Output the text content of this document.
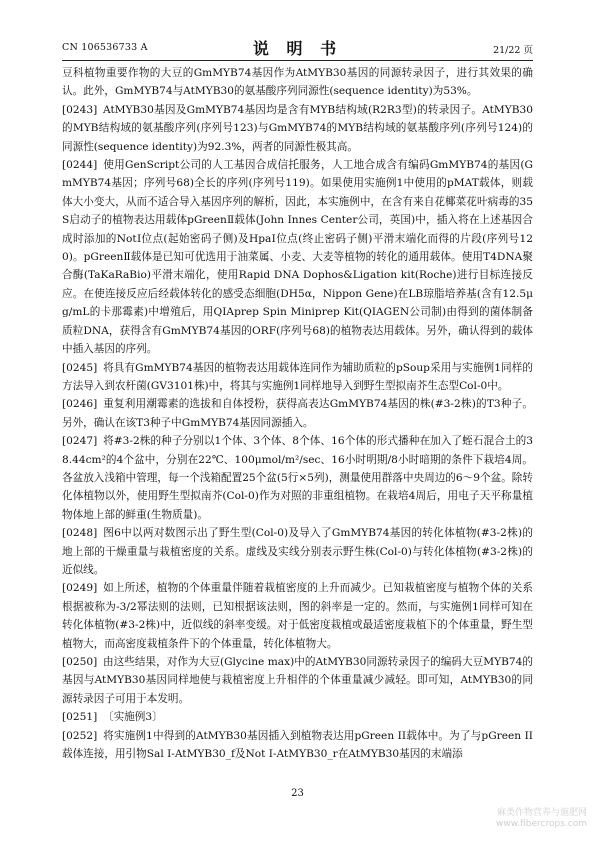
CN 106536733 A	说 明 书	21/22 页

豆科植物重要作物的大豆的GmMYB74基因作为AtMYB30基因的同源转录因子，进行其效果的确认。此外，GmMYB74与AtMYB30的氨基酸序列同源性(sequence identity)为53%。

[0243] AtMYB30基因及GmMYB74基因均是含有MYB结构域(R2R3型)的转录因子。AtMYB30的MYB结构域的氨基酸序列(序列号123)与GmMYB74的MYB结构域的氨基酸序列(序列号124)的同源性(sequence identity)为92.3%，两者的同源性极其高。

[0244] 使用GenScript公司的人工基因合成信托服务，人工地合成含有编码GmMYB74的基因(GmMYB74基因；序列号68)全长的序列(序列号119)。如果使用实施例1中使用的pMAT载体，则载体大小变大，从而不适合导入基因序列的解析，因此，本实施例中，在含有来自花椰菜花叶病毒的35S启动子的植物表达用载体pGreenⅡ载体(John Innes Center公司，英国)中，插入将在上述基因合成时添加的NotⅠ位点(起始密码子侧)及HpaⅠ位点(终止密码子侧)平滑末端化而得的片段(序列号120)。pGreenⅡ载体是已知可优选用于油菜属、小麦、大麦等植物的转化的通用载体。使用T4DNA聚合酶(TaKaRaBio)平滑末端化，使用Rapid DNA Dophos&Ligation kit(Roche)进行目标连接反应。在使连接反应后经载体转化的感受态细胞(DH5α，Nippon Gene)在LB琼脂培养基(含有12.5μg/mL的卡那霉素)中增殖后，用QIAprep Spin Miniprep Kit(QIAGEN公司制)由得到的菌体制备质粒DNA，获得含有GmMYB74基因的ORF(序列号68)的植物表达用载体。另外，确认得到的载体中插入基因的序列。

[0245] 将具有GmMYB74基因的植物表达用载体连同作为辅助质粒的pSoup采用与实施例1同样的方法导入到农杆菌(GV3101株)中，将其与实施例1同样地导入到野生型拟南芥生态型Col-0中。

[0246] 重复利用潮霉素的选拔和自体授粉，获得高表达GmMYB74基因的株(#3-2株)的T3种子。另外，确认在该T3种子中GmMYB74基因同源插入。

[0247] 将#3-2株的种子分别以1个体、3个体、8个体、16个体的形式播种在加入了蛭石混合土的38.44cm²的4个盆中，分别在22℃、100μmol/m²/sec、16小时明期/8小时暗期的条件下栽培4周。各盆放入浅箱中管理，每一个浅箱配置25个盆(5行×5列)，测量使用群落中央周边的6～9个盆。除转化体植物以外，使用野生型拟南芥(Col-0)作为对照的非重组植物。在栽培4周后，用电子天平称量植物体地上部的鲜重(生物质量)。

[0248] 图6中以两对数图示出了野生型(Col-0)及导入了GmMYB74基因的转化体植物(#3-2株)的地上部的干燥重量与栽植密度的关系。虚线及实线分别表示野生株(Col-0)与转化体植物(#3-2株)的近似线。

[0249] 如上所述，植物的个体重量伴随着栽植密度的上升而减少。已知栽植密度与植物个体的关系根据被称为-3/2幂法则的法则，已知根据该法则，图的斜率是一定的。然而，与实施例1同样可知在转化体植物(#3-2株)中，近似线的斜率变缓。对于低密度栽植或最适密度栽植下的个体重量，野生型植物大，而高密度栽植条件下的个体重量，转化体植物大。

[0250] 由这些结果，对作为大豆(Glycine max)中的AtMYB30同源转录因子的编码大豆MYB74的基因与AtMYB30基因同样地使与栽植密度上升相伴的个体重量减少减轻。即可知，AtMYB30的同源转录因子可用于本发明。

[0251] 〔实施例3〕

[0252] 将实施例1中得到的AtMYB30基因插入到植物表达用pGreen II载体中。为了与pGreen II载体连接，用引物Sal I-AtMYB30_f及Not I-AtMYB30_r在AtMYB30基因的末端添

23
麻类作物营养与施肥网
www.fibercrops.com
